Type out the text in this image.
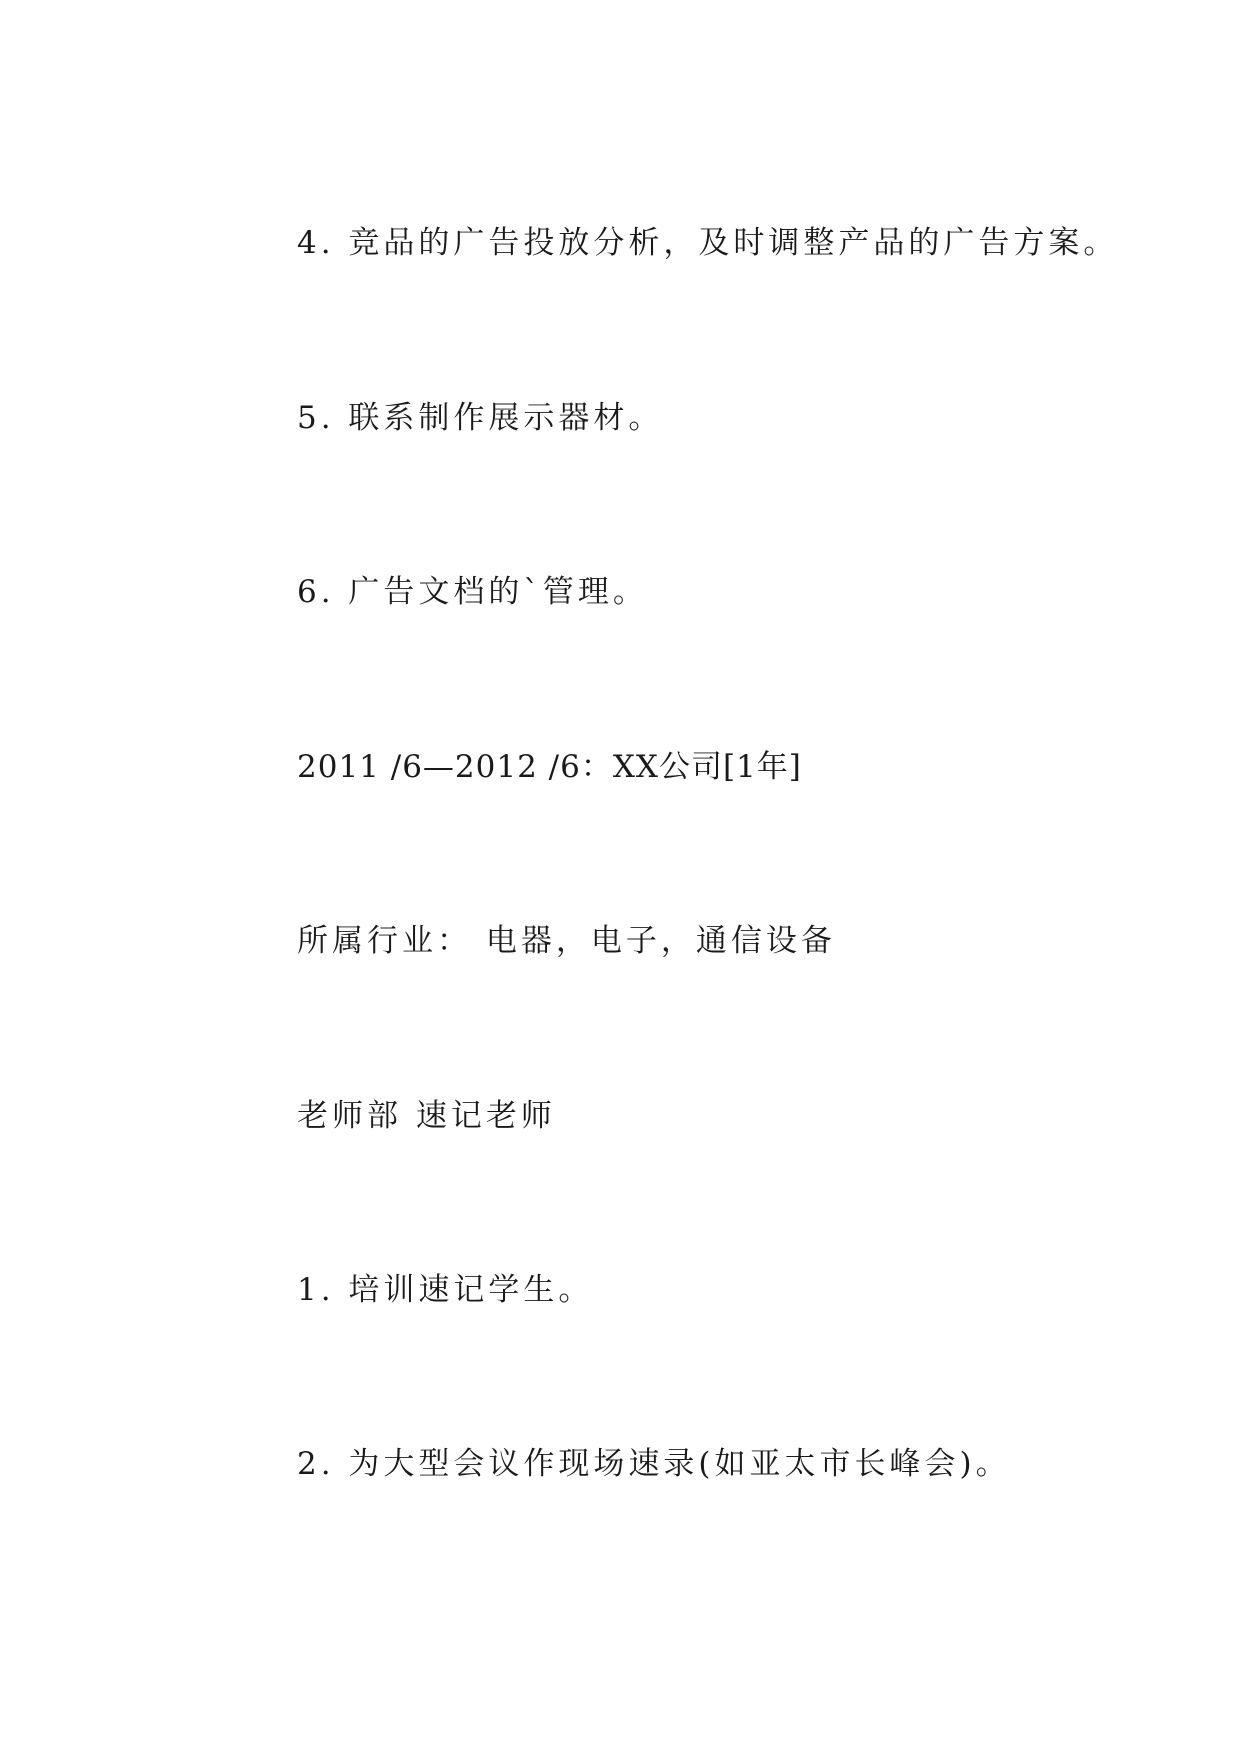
4. 竞品的广告投放分析，及时调整产品的广告方案。
5. 联系制作展示器材。
6. 广告文档的`管理。
2011 /6—2012 /6：XX公司[1年]
所属行业： 电器，电子，通信设备
老师部 速记老师
1. 培训速记学生。
2. 为大型会议作现场速录(如亚太市长峰会)。
